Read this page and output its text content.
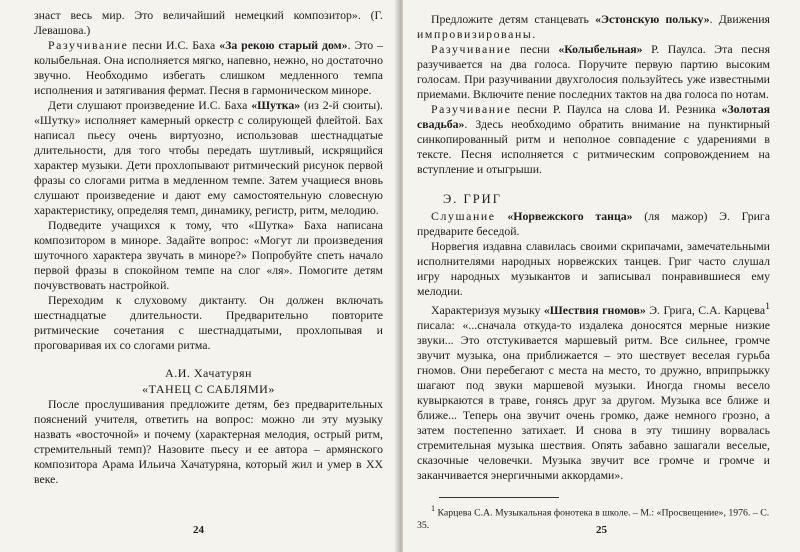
знаст весь мир. Это величайший немецкий композитор». (Г. Левашова.)

Разучивание песни И.С. Баха «За рекою старый дом». Это – колыбельная. Она исполняется мягко, напевно, нежно, но достаточно звучно. Необходимо избегать слишком медленного темпа исполнения и затягивания фермат. Песня в гармоническом миноре.

Дети слушают произведение И.С. Баха «Шутка» (из 2-й сюиты). «Шутку» исполняет камерный оркестр с солирующей флейтой. Бах написал пьесу очень виртуозно, использовав шестнадцатые длительности, для того чтобы передать шутливый, искрящийся характер музыки. Дети прохлопывают ритмический рисунок первой фразы со слогами ритма в медленном темпе. Затем учащиеся вновь слушают произведение и дают ему самостоятельную словесную характеристику, определяя темп, динамику, регистр, ритм, мелодию.

Подведите учащихся к тому, что «Шутка» Баха написана композитором в миноре. Задайте вопрос: «Могут ли произведения шуточного характера звучать в миноре?» Попробуйте спеть начало первой фразы в спокойном темпе на слог «ля». Помогите детям почувствовать настройкой.

Переходим к слуховому диктанту. Он должен включать шестнадцатые длительности. Предварительно повторите ритмические сочетания с шестнадцатыми, прохлопывая и проговаривая их со слогами ритма.

А.И. Хачатурян
«ТАНЕЦ С САБЛЯМИ»

После прослушивания предложите детям, без предварительных пояснений учителя, ответить на вопрос: можно ли эту музыку назвать «восточной» и почему (характерная мелодия, острый ритм, стремительный темп)? Назовите пьесу и ее автора – армянского композитора Арама Ильича Хачатуряна, который жил и умер в XX веке.

24

Предложите детям станцевать «Эстонскую польку». Движения импровизированы.

Разучивание песни «Колыбельная» Р. Паулса. Эта песня разучивается на два голоса. Поручите первую партию высоким голосам. При разучивании двухголосия пользуйтесь уже известными приемами. Включите пение последних тактов на два голоса по нотам.

Разучивание песни Р. Паулса на слова И. Резника «Золотая свадьба». Здесь необходимо обратить внимание на пунктирный синкопированный ритм и неполное совпадение с ударениями в тексте. Песня исполняется с ритмическим сопровождением на вступление и отыгрыши.

Э. ГРИГ

Слушание «Норвежского танца» (ля мажор) Э. Грига предварите беседой.

Норвегия издавна славилась своими скрипачами, замечательными исполнителями народных норвежских танцев. Григ часто слушал игру народных музыкантов и записывал понравившиеся ему мелодии.

Характеризуя музыку «Шествия гномов» Э. Грига, С.А. Карцева$^1$ писала: «...сначала откуда-то издалека доносятся мерные низкие звуки... Это отстукивается маршевый ритм. Все сильнее, громче звучит музыка, она приближается – это шествует веселая гурьба гномов. Они перебегают с места на место, то дружно, вприпрыжку шагают под звуки маршевой музыки. Иногда гномы весело кувыркаются в траве, гонясь друг за другом. Музыка все ближе и ближе... Теперь она звучит очень громко, даже немного грозно, а затем постепенно затихает. И снова в эту тишину ворвалась стремительная музыка шествия. Опять забавно зашагали веселые, сказочные человечки. Музыка звучит все громче и громче и заканчивается энергичными аккордами».

$^1$ Карцева С.А. Музыкальная фонотека в школе. – М.: «Просвещение», 1976. – С. 35.	25
